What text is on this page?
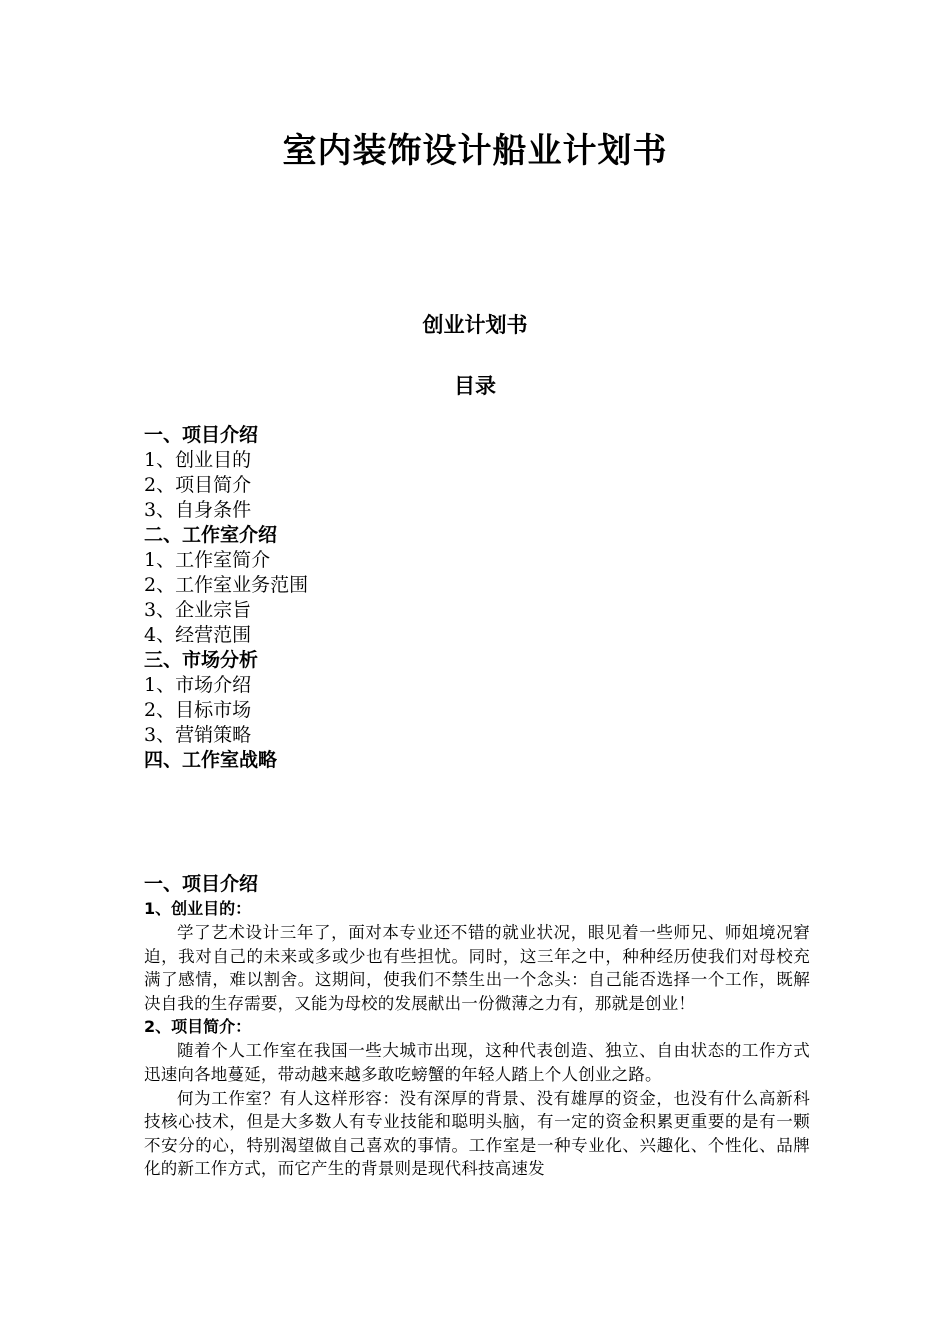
室内装饰设计船业计划书
创业计划书
目录
一、项目介绍
1、创业目的
2、项目简介
3、自身条件
二、工作室介绍
1、工作室简介
2、工作室业务范围
3、企业宗旨
4、经营范围
三、市场分析
1、市场介绍
2、目标市场
3、营销策略
四、工作室战略
一、项目介绍
1、创业目的：
学了艺术设计三年了，面对本专业还不错的就业状况，眼见着一些师兄、师姐境况窘迫，我对自己的未来或多或少也有些担忧。同时，这三年之中，种种经历使我们对母校充满了感情，难以割舍。这期间，使我们不禁生出一个念头：自己能否选择一个工作，既解决自我的生存需要，又能为母校的发展献出一份微薄之力有，那就是创业！
2、项目简介：
随着个人工作室在我国一些大城市出现，这种代表创造、独立、自由状态的工作方式迅速向各地蔓延，带动越来越多敢吃螃蟹的年轻人踏上个人创业之路。
何为工作室？有人这样形容：没有深厚的背景、没有雄厚的资金，也没有什么高新科技核心技术，但是大多数人有专业技能和聪明头脑，有一定的资金积累更重要的是有一颗不安分的心，特别渴望做自己喜欢的事情。工作室是一种专业化、兴趣化、个性化、品牌化的新工作方式，而它产生的背景则是现代科技高速发
